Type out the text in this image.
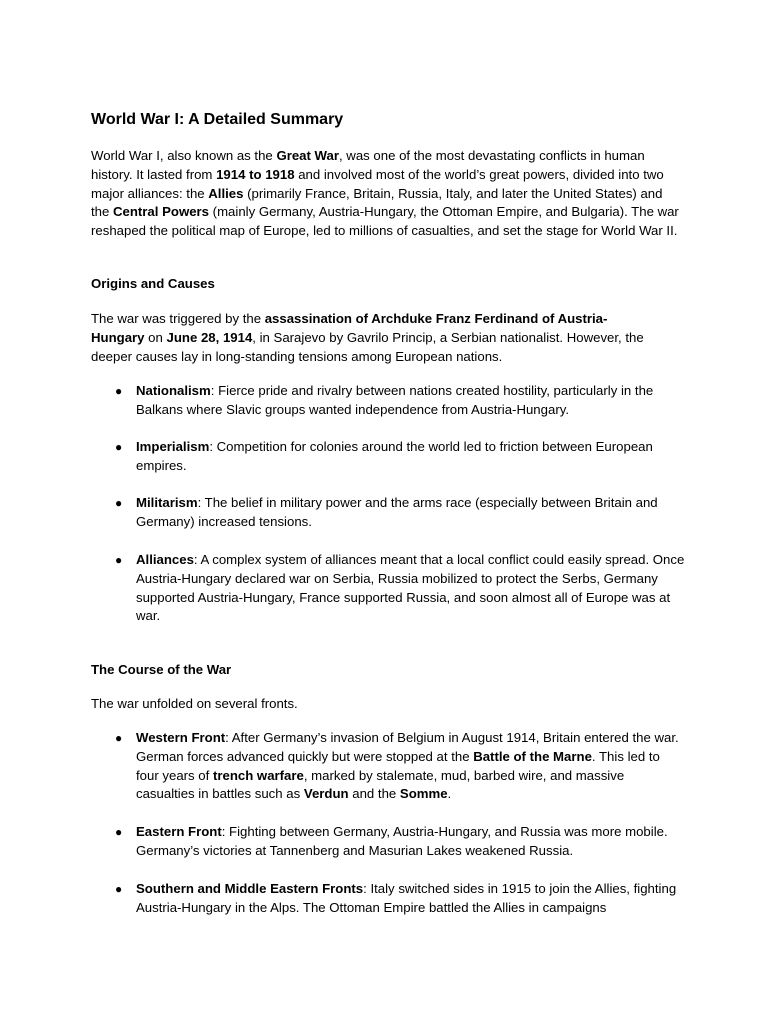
World War I: A Detailed Summary

World War I, also known as the Great War, was one of the most devastating conflicts in human history. It lasted from 1914 to 1918 and involved most of the world’s great powers, divided into two major alliances: the Allies (primarily France, Britain, Russia, Italy, and later the United States) and the Central Powers (mainly Germany, Austria-Hungary, the Ottoman Empire, and Bulgaria). The war reshaped the political map of Europe, led to millions of casualties, and set the stage for World War II.

Origins and Causes

The war was triggered by the assassination of Archduke Franz Ferdinand of Austria-Hungary on June 28, 1914, in Sarajevo by Gavrilo Princip, a Serbian nationalist. However, the deeper causes lay in long-standing tensions among European nations.

● Nationalism: Fierce pride and rivalry between nations created hostility, particularly in the Balkans where Slavic groups wanted independence from Austria-Hungary.
● Imperialism: Competition for colonies around the world led to friction between European empires.
● Militarism: The belief in military power and the arms race (especially between Britain and Germany) increased tensions.
● Alliances: A complex system of alliances meant that a local conflict could easily spread. Once Austria-Hungary declared war on Serbia, Russia mobilized to protect the Serbs, Germany supported Austria-Hungary, France supported Russia, and soon almost all of Europe was at war.
The Course of the War

The war unfolded on several fronts.

● Western Front: After Germany’s invasion of Belgium in August 1914, Britain entered the war. German forces advanced quickly but were stopped at the Battle of the Marne. This led to four years of trench warfare, marked by stalemate, mud, barbed wire, and massive casualties in battles such as Verdun and the Somme.
● Eastern Front: Fighting between Germany, Austria-Hungary, and Russia was more mobile. Germany’s victories at Tannenberg and Masurian Lakes weakened Russia.
● Southern and Middle Eastern Fronts: Italy switched sides in 1915 to join the Allies, fighting Austria-Hungary in the Alps. The Ottoman Empire battled the Allies in campaigns
